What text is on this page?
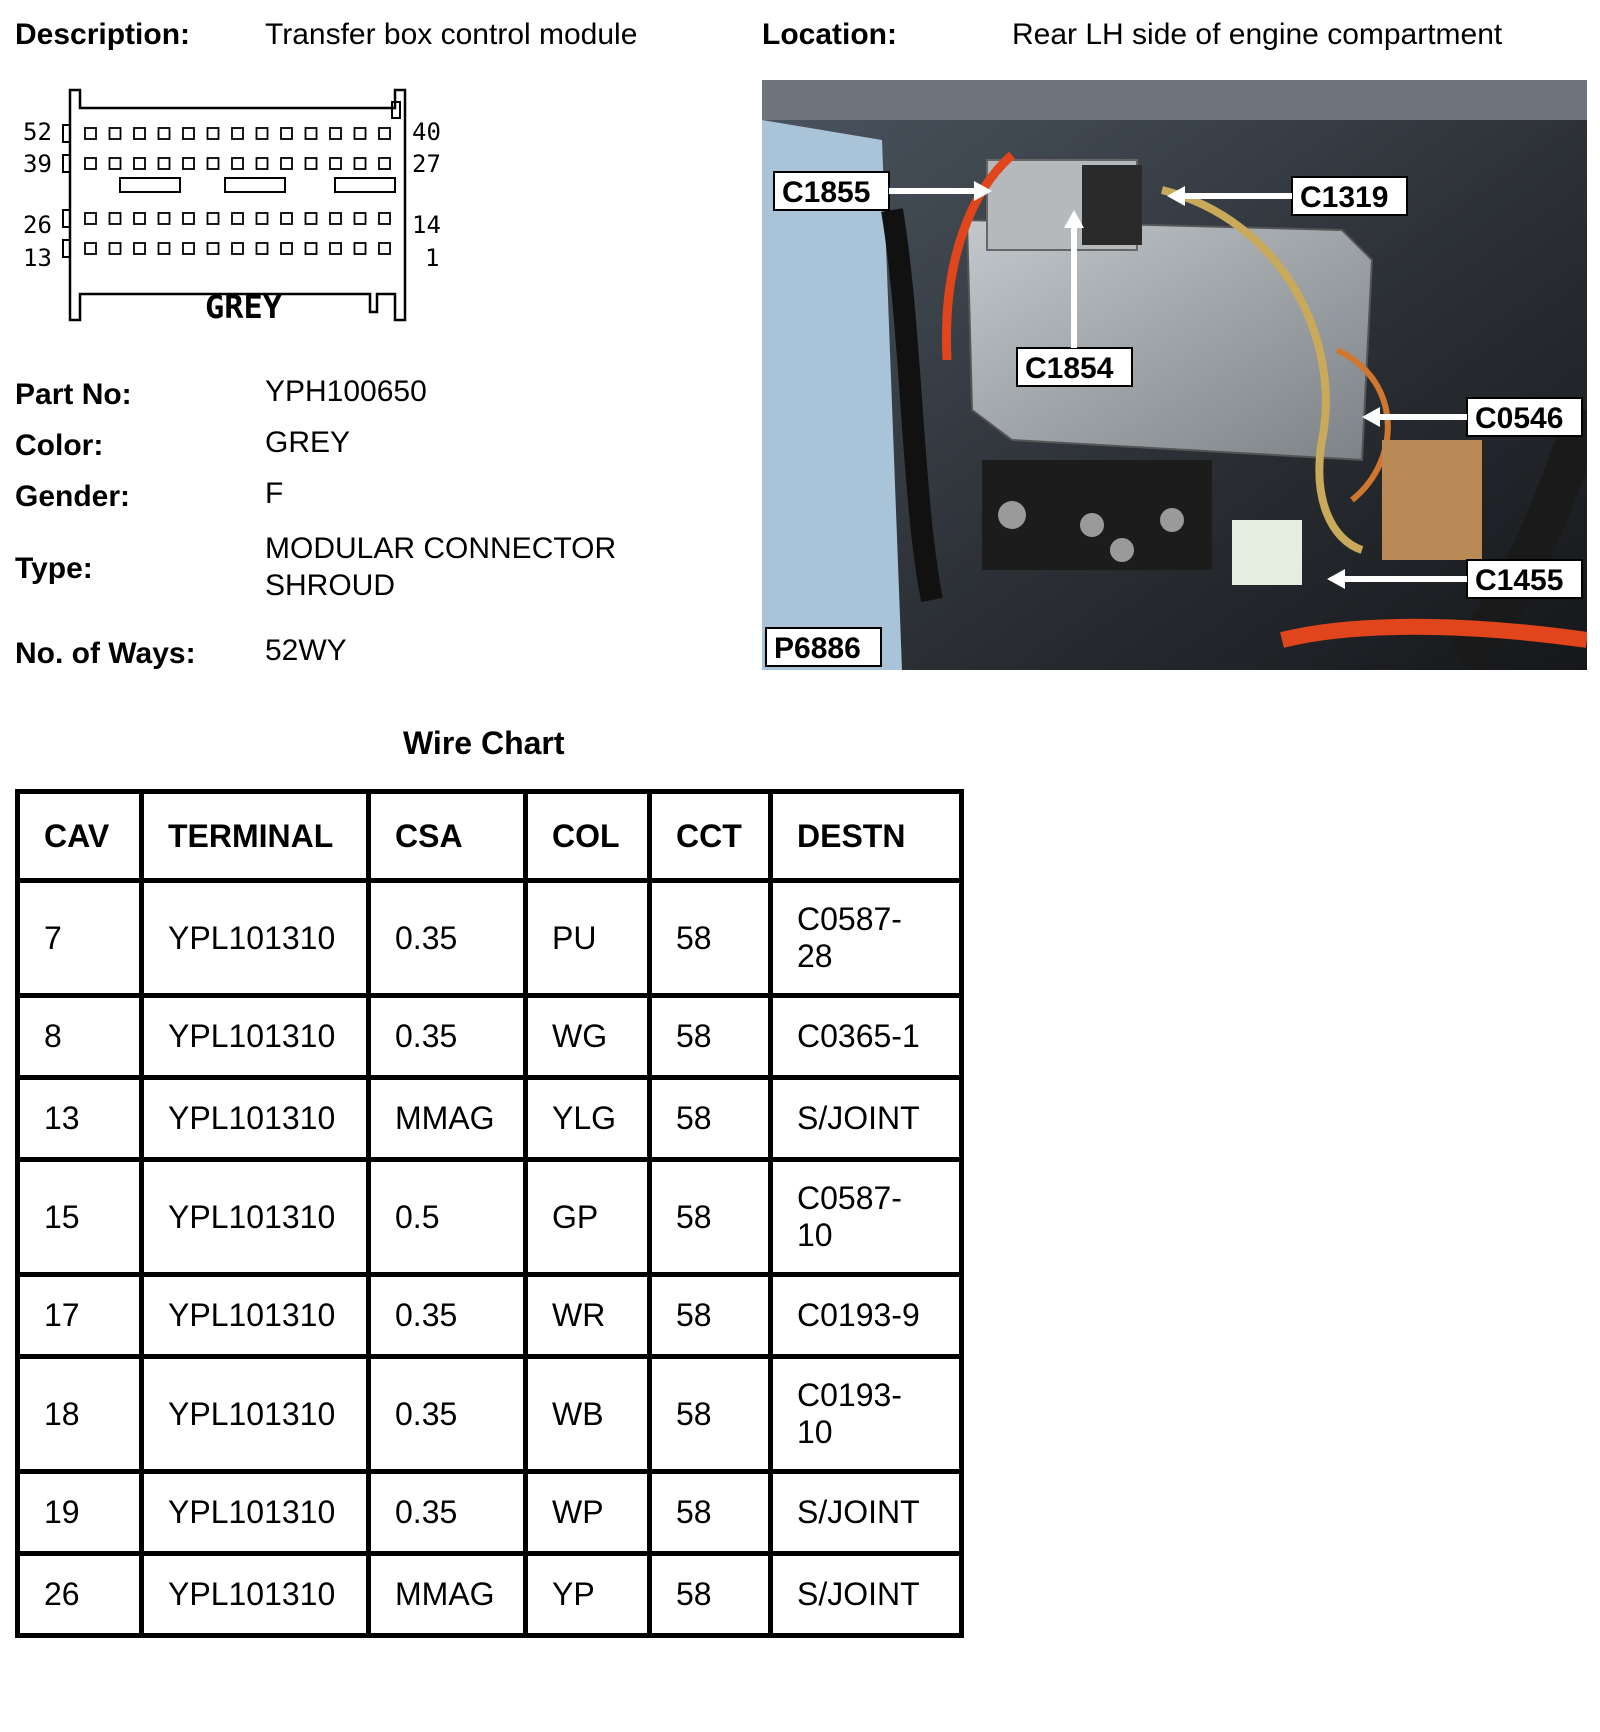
Description: Transfer box control module	Location:	Rear LH side of engine compartment
52	40
39	27
26	14
13	1
GREY
Part No:	YPH100650
Color:	GREY
Gender:	F
Type:
MODULAR CONNECTOR
SHROUD
No. of Ways: 52WY
C1855	C1319
C1854
C0546
C1455
P6886
Wire Chart
CAV	TERMINAL	CSA	COL	CCT	DESTN
7	YPL101310	0.35	PU	58	C0587-
28

8	YPL101310	0.35	WG	58	C0365-1

13	YPL101310	MMAG	YLG	58	S/JOINT

15	YPL101310	0.5	GP	58	C0587-
10

17	YPL101310	0.35	WR	58	C0193-9

18	YPL101310	0.35	WB	58	C0193-
10

19	YPL101310	0.35	WP	58	S/JOINT

26	YPL101310	MMAG	YP	58	S/JOINT
